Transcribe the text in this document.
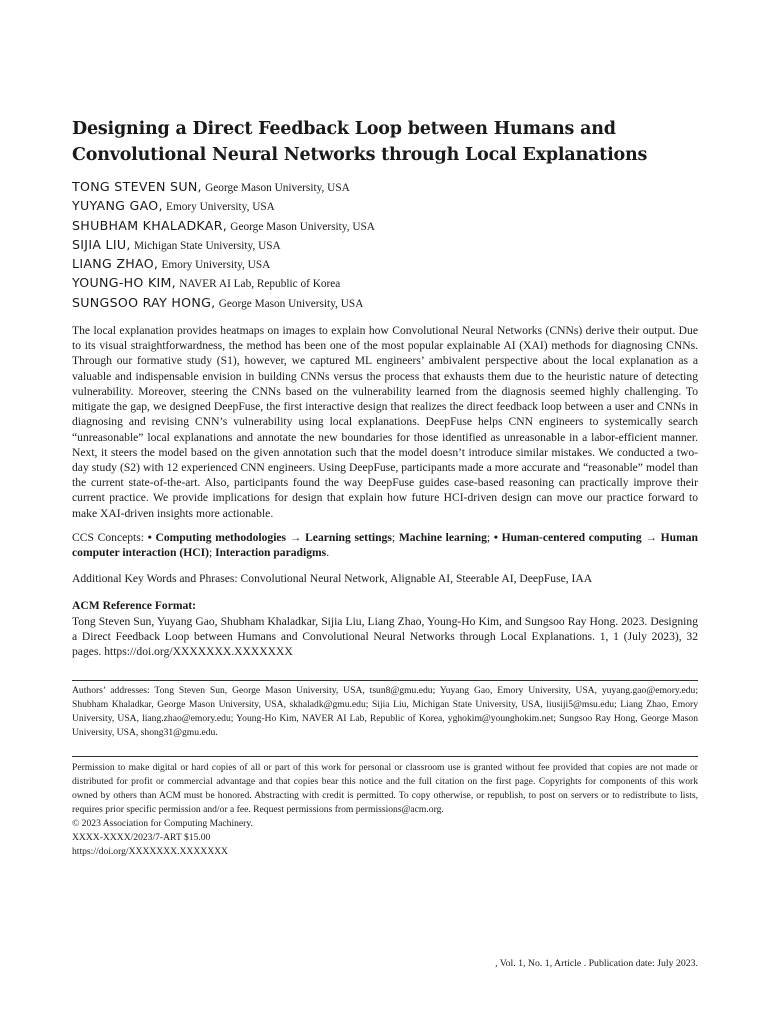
Designing a Direct Feedback Loop between Humans and
Convolutional Neural Networks through Local Explanations
TONG STEVEN SUN, George Mason University, USA
YUYANG GAO, Emory University, USA
SHUBHAM KHALADKAR, George Mason University, USA
SIJIA LIU, Michigan State University, USA
LIANG ZHAO, Emory University, USA
YOUNG-HO KIM, NAVER AI Lab, Republic of Korea
SUNGSOO RAY HONG, George Mason University, USA

The local explanation provides heatmaps on images to explain how Convolutional Neural Networks (CNNs) derive their output. Due to its visual straightforwardness, the method has been one of the most popular explainable AI (XAI) methods for diagnosing CNNs. Through our formative study (S1), however, we captured ML engineers’ ambivalent perspective about the local explanation as a valuable and indispensable envision in building CNNs versus the process that exhausts them due to the heuristic nature of detecting vulnerability. Moreover, steering the CNNs based on the vulnerability learned from the diagnosis seemed highly challenging. To mitigate the gap, we designed DeepFuse, the first interactive design that realizes the direct feedback loop between a user and CNNs in diagnosing and revising CNN’s vulnerability using local explanations. DeepFuse helps CNN engineers to systemically search “unreasonable” local explanations and annotate the new boundaries for those identified as unreasonable in a labor-efficient manner. Next, it steers the model based on the given annotation such that the model doesn’t introduce similar mistakes. We conducted a two-day study (S2) with 12 experienced CNN engineers. Using DeepFuse, participants made a more accurate and “reasonable” model than the current state-of-the-art. Also, participants found the way DeepFuse guides case-based reasoning can practically improve their current practice. We provide implications for design that explain how future HCI-driven design can move our practice forward to make XAI-driven insights more actionable.

CCS Concepts: • Computing methodologies → Learning settings; Machine learning; • Human-centered computing → Human computer interaction (HCI); Interaction paradigms.
Additional Key Words and Phrases: Convolutional Neural Network, Alignable AI, Steerable AI, DeepFuse, IAA
ACM Reference Format:
Tong Steven Sun, Yuyang Gao, Shubham Khaladkar, Sijia Liu, Liang Zhao, Young-Ho Kim, and Sungsoo Ray Hong. 2023. Designing a Direct Feedback Loop between Humans and Convolutional Neural Networks through Local Explanations. 1, 1 (July 2023), 32 pages. https://doi.org/XXXXXXX.XXXXXXX
Authors’ addresses: Tong Steven Sun, George Mason University, USA, tsun8@gmu.edu; Yuyang Gao, Emory University, USA, yuyang.gao@emory.edu; Shubham Khaladkar, George Mason University, USA, skhaladk@gmu.edu; Sijia Liu, Michigan State University, USA, liusiji5@msu.edu; Liang Zhao, Emory University, USA, liang.zhao@emory.edu; Young-Ho Kim, NAVER AI Lab, Republic of Korea, yghokim@younghokim.net; Sungsoo Ray Hong, George Mason University, USA, shong31@gmu.edu.
Permission to make digital or hard copies of all or part of this work for personal or classroom use is granted without fee provided that copies are not made or distributed for profit or commercial advantage and that copies bear this notice and the full citation on the first page. Copyrights for components of this work owned by others than ACM must be honored. Abstracting with credit is permitted. To copy otherwise, or republish, to post on servers or to redistribute to lists, requires prior specific permission and/or a fee. Request permissions from permissions@acm.org.
© 2023 Association for Computing Machinery.
XXXX-XXXX/2023/7-ART $15.00
https://doi.org/XXXXXXX.XXXXXXX
, Vol. 1, No. 1, Article . Publication date: July 2023.
